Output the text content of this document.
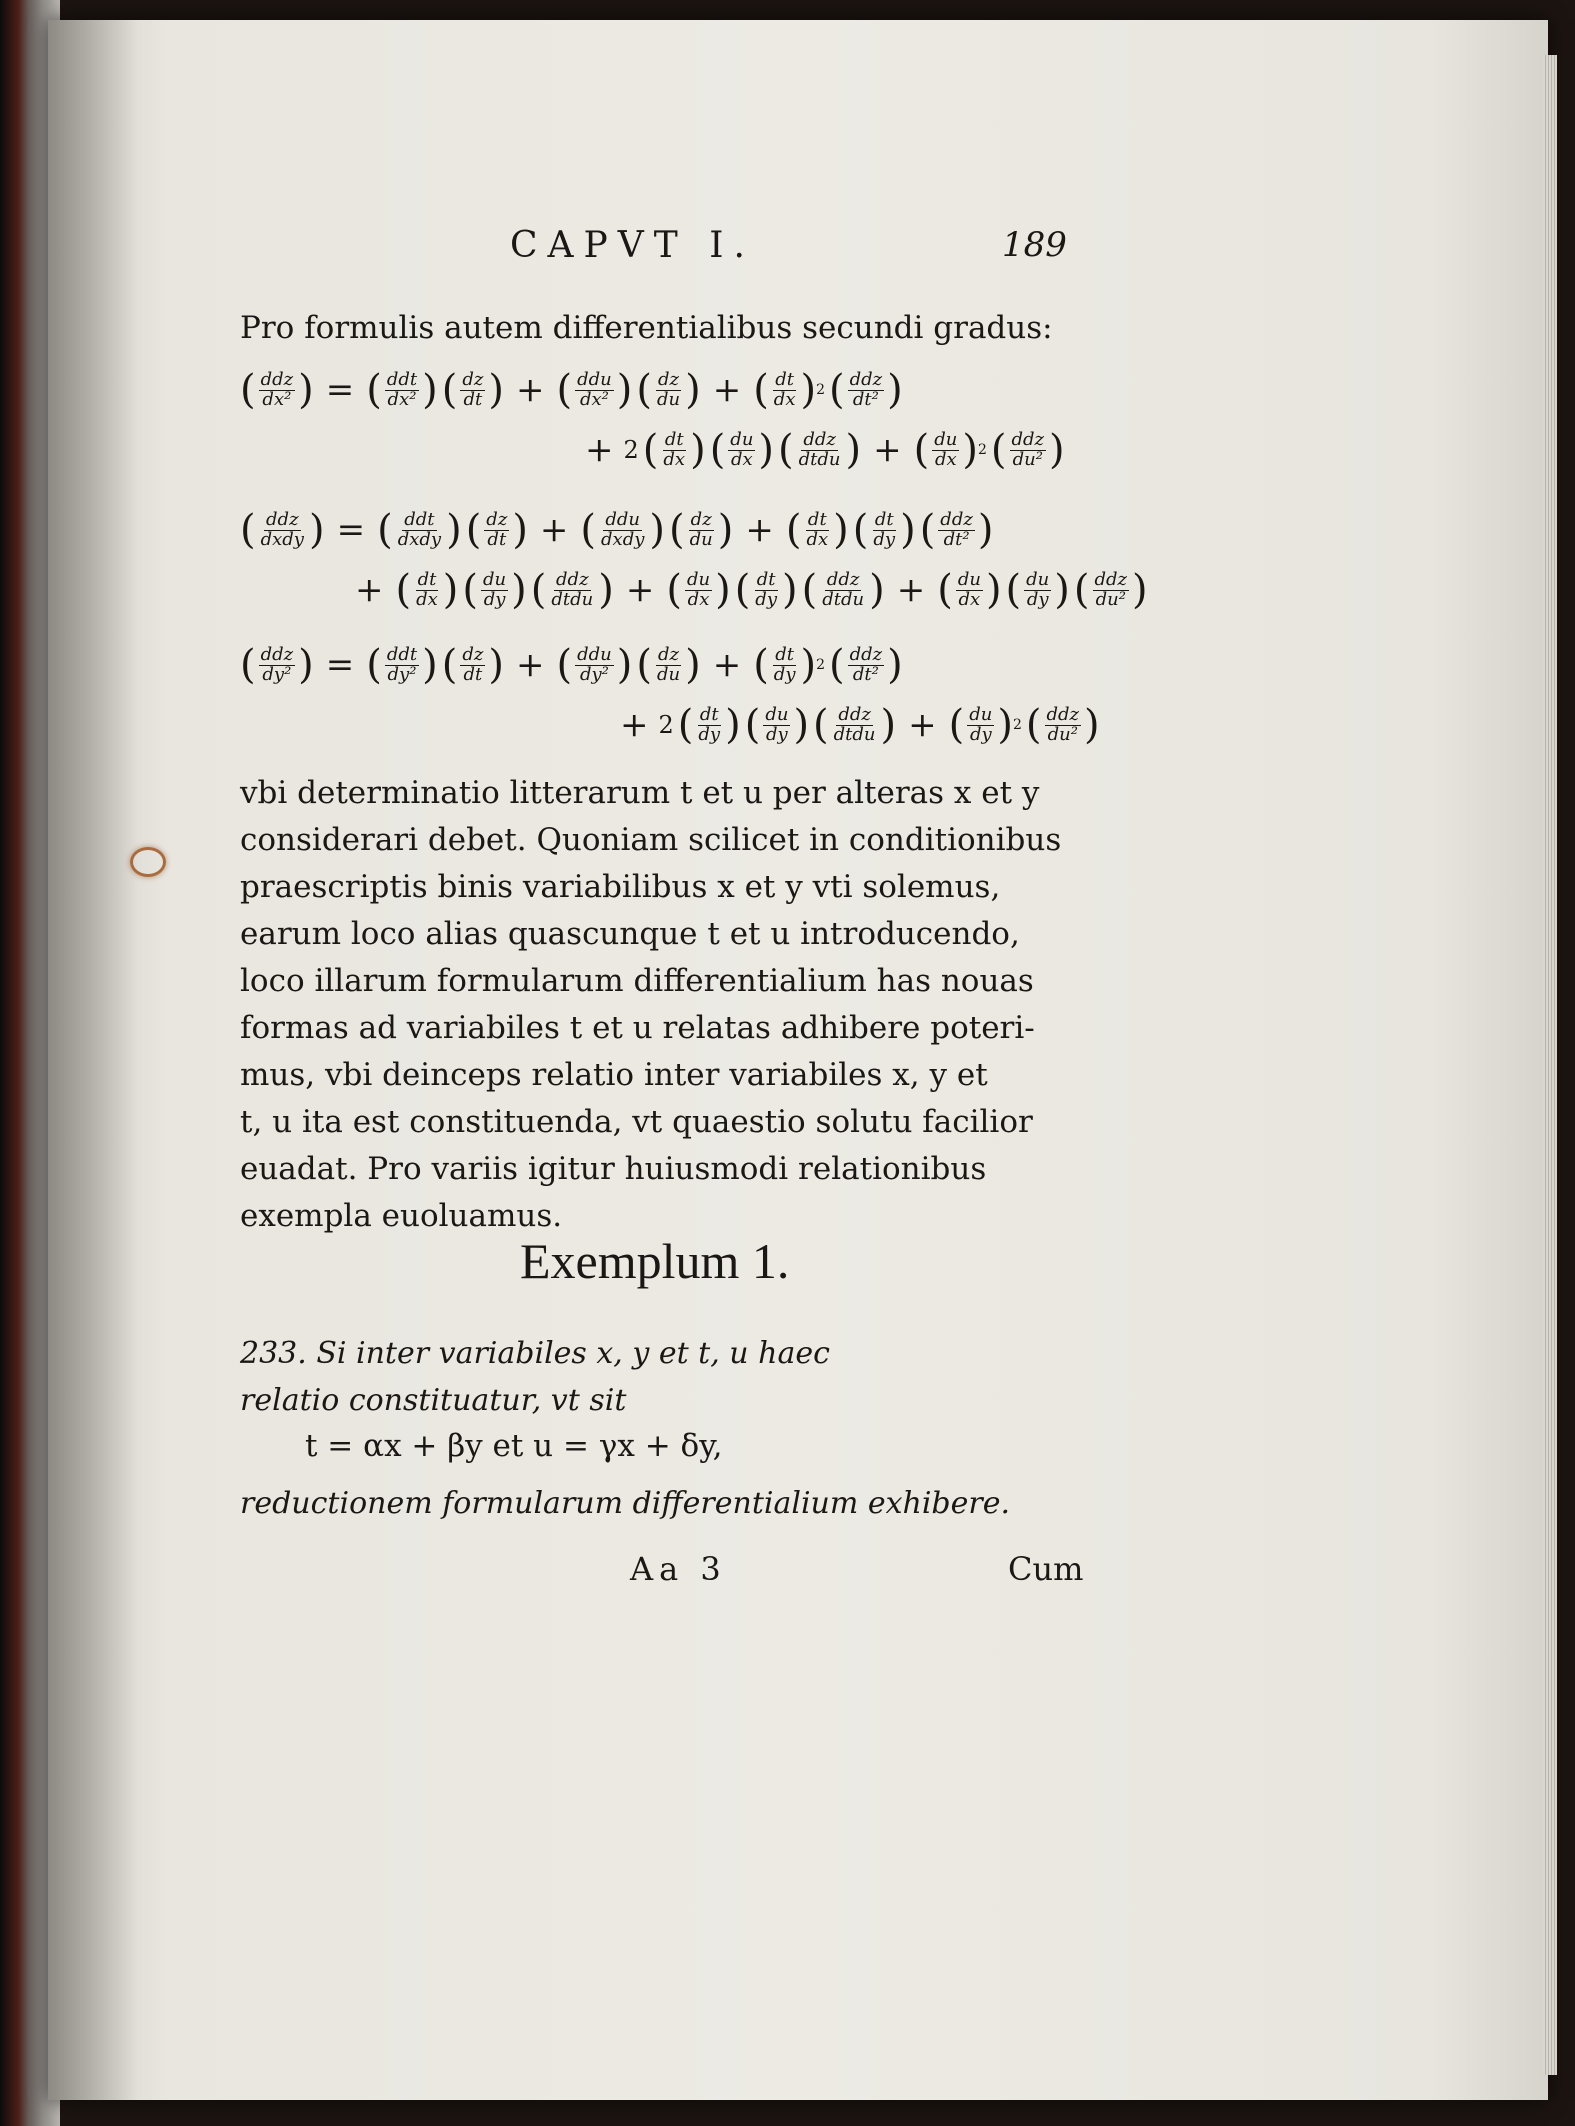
CAPVT I.	189
Pro formulis autem differentialibus secundi gradus:
( $\frac{\text{ddz}}{\text{dx²}}$ ) = ( $\frac{\text{ddt}}{\text{dx²}}$ ) ( $\frac{dz}{dt}$ ) + ( $\frac{\text{ddu}}{\text{dx²}}$ ) ( $\frac{dz}{du}$ ) + ( $\frac{dt}{dx}$ ) 2 ( $\frac{\text{ddz}}{\text{dt²}}$ )
+ 2 ( $\frac{dt}{dx}$ ) ( $\frac{du}{dx}$ ) ( $\frac{\text{ddz}}{\text{dtdu}}$ ) + ( $\frac{du}{dx}$ ) 2 ( $\frac{\text{ddz}}{\text{du²}}$ )
( $\frac{\text{ddz}}{\text{dxdy}}$ ) = ( $\frac{\text{ddt}}{\text{dxdy}}$ ) ( $\frac{dz}{dt}$ ) + ( $\frac{\text{ddu}}{\text{dxdy}}$ ) ( $\frac{dz}{du}$ ) + ( $\frac{dt}{dx}$ ) ( $\frac{dt}{dy}$ ) ( $\frac{\text{ddz}}{\text{dt²}}$ )
+ ( $\frac{dt}{dx}$ ) ( $\frac{du}{dy}$ ) ( $\frac{\text{ddz}}{\text{dtdu}}$ ) + ( $\frac{du}{dx}$ ) ( $\frac{dt}{dy}$ ) ( $\frac{\text{ddz}}{\text{dtdu}}$ ) + ( $\frac{du}{dx}$ ) ( $\frac{du}{dy}$ ) ( $\frac{\text{ddz}}{\text{du²}}$ )
( $\frac{\text{ddz}}{\text{dy²}}$ ) = ( $\frac{\text{ddt}}{\text{dy²}}$ ) ( $\frac{dz}{dt}$ ) + ( $\frac{\text{ddu}}{\text{dy²}}$ ) ( $\frac{dz}{du}$ ) + ( $\frac{dt}{dy}$ ) 2 ( $\frac{\text{ddz}}{\text{dt²}}$ )
+ 2 ( $\frac{dt}{dy}$ ) ( $\frac{du}{dy}$ ) ( $\frac{\text{ddz}}{\text{dtdu}}$ ) + ( $\frac{du}{dy}$ ) 2 ( $\frac{\text{ddz}}{\text{du²}}$ )
vbi determinatio litterarum t et u per alteras x et y
considerari debet. Quoniam scilicet in conditionibus
praescriptis binis variabilibus x et y vti solemus,
earum loco alias quascunque t et u introducendo,
loco illarum formularum differentialium has nouas
formas ad variabiles t et u relatas adhibere poteri-
mus, vbi deinceps relatio inter variabiles x, y et
t, u ita est constituenda, vt quaestio solutu facilior
euadat. Pro variis igitur huiusmodi relationibus
exempla euoluamus.
Exemplum 1.
233. Si inter variabiles x, y et t, u haec
relatio constituatur, vt sit
t = αx + βy et u = γx + δy,
reductionem formularum differentialium exhibere.
Aa 3	Cum
